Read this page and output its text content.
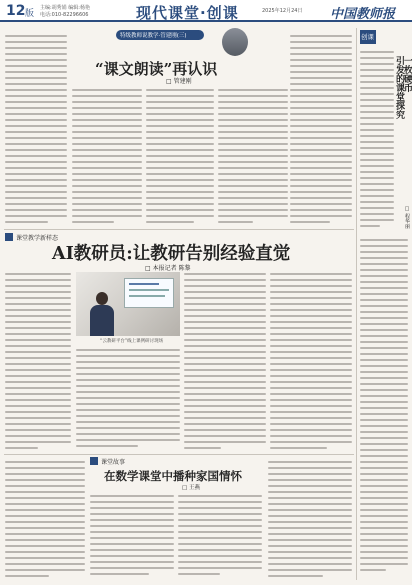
12 版
主编:胡秀娟 编辑:杨艳
电话:010-82296606	现代课堂·创课	2025年12月24日 中国教师报
特级教师说教学·管建刚(三)
“课文朗读”再认识
□ 管建刚
创课
一枚硬币
引发的课堂探究
□ 程华丽
课堂教学新样态
AI教研员:让教研告别经验直觉
□ 本报记者 陈黎
“云教研平台”线上课例研讨现场
课堂故事
在数学课堂中播种家国情怀
□ 王燕
